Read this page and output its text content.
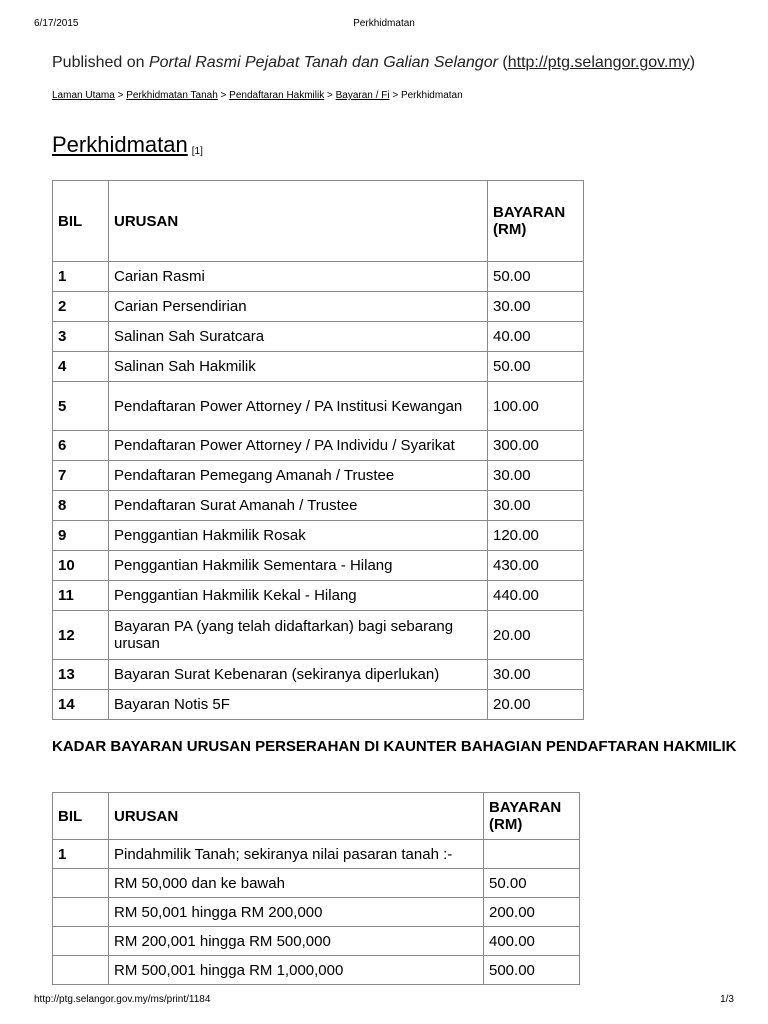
6/17/2015	Perkhidmatan
Published on Portal Rasmi Pejabat Tanah dan Galian Selangor (http://ptg.selangor.gov.my)
Laman Utama > Perkhidmatan Tanah > Pendaftaran Hakmilik > Bayaran / Fi > Perkhidmatan
Perkhidmatan [1]
BIL	URUSAN	BAYARAN (RM)
1	Carian Rasmi	50.00
2	Carian Persendirian	30.00
3	Salinan Sah Suratcara	40.00
4	Salinan Sah Hakmilik	50.00
5	Pendaftaran Power Attorney / PA Institusi Kewangan	100.00
6	Pendaftaran Power Attorney / PA Individu / Syarikat	300.00
7	Pendaftaran Pemegang Amanah / Trustee	30.00
8	Pendaftaran Surat Amanah / Trustee	30.00
9	Penggantian Hakmilik Rosak	120.00
10	Penggantian Hakmilik Sementara - Hilang	430.00
11	Penggantian Hakmilik Kekal - Hilang	440.00
12	Bayaran PA (yang telah didaftarkan) bagi sebarang urusan	20.00
13	Bayaran Surat Kebenaran (sekiranya diperlukan)	30.00
14	Bayaran Notis 5F	20.00
KADAR BAYARAN URUSAN PERSERAHAN DI KAUNTER BAHAGIAN PENDAFTARAN HAKMILIK
BIL	URUSAN	BAYARAN (RM)
1	Pindahmilik Tanah; sekiranya nilai pasaran tanah :-	
	RM 50,000 dan ke bawah	50.00
	RM 50,001 hingga RM 200,000	200.00
	RM 200,001 hingga RM 500,000	400.00
	RM 500,001 hingga RM 1,000,000	500.00
http://ptg.selangor.gov.my/ms/print/1184	1/3
